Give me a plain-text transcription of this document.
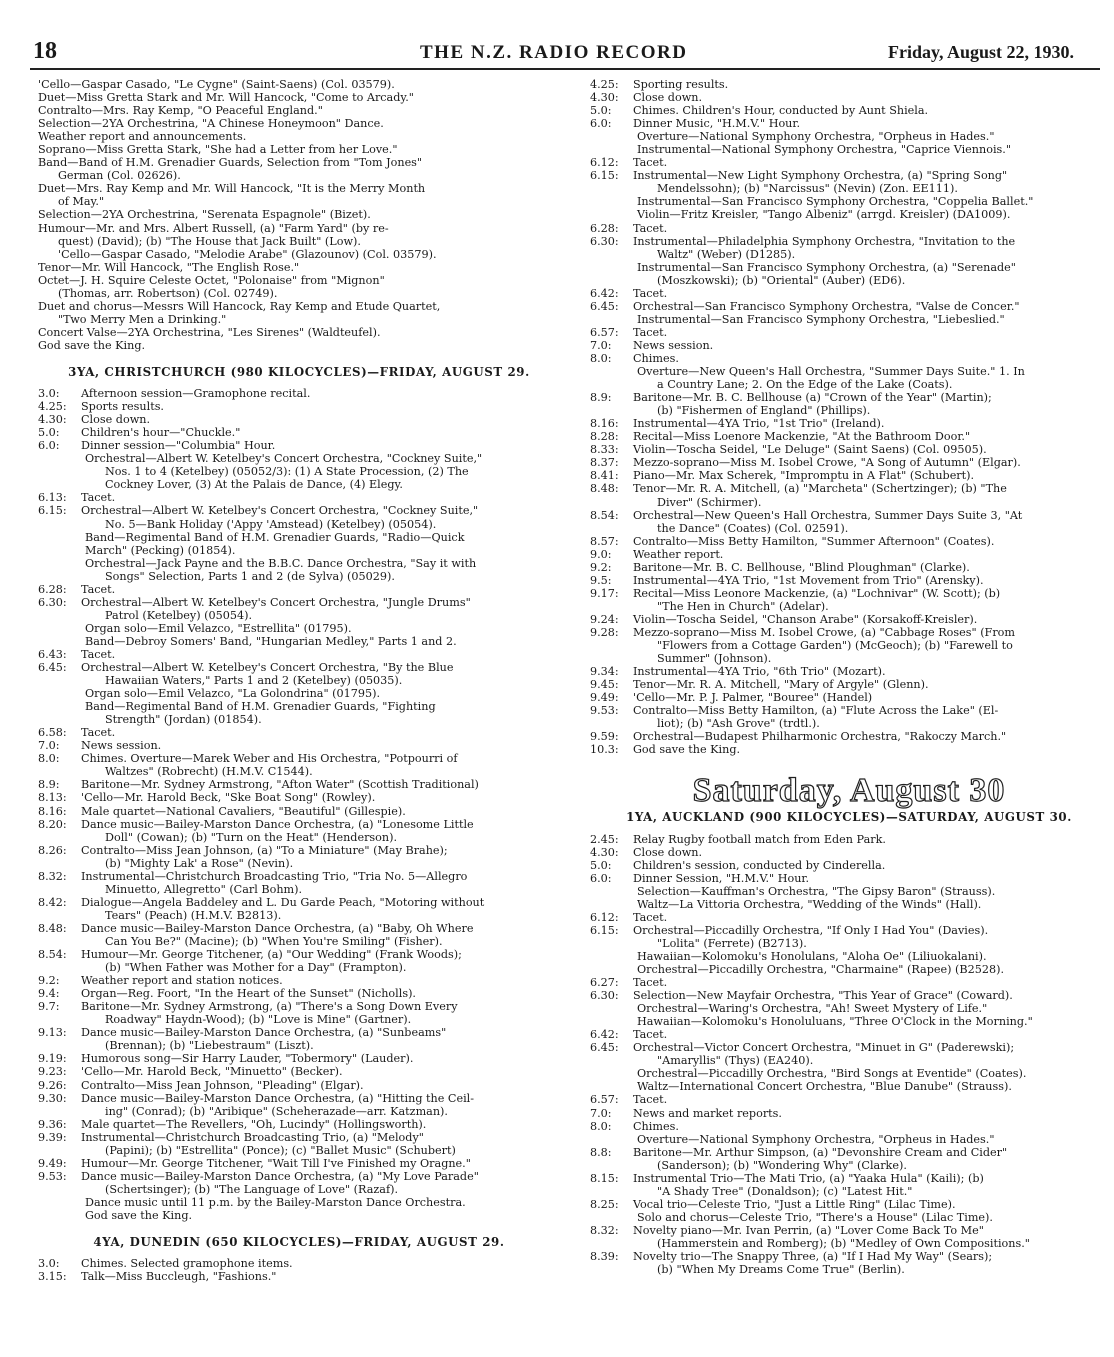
18	THE N.Z. RADIO RECORD	Friday, August 22, 1930.
'Cello—Gaspar Casado, "Le Cygne" (Saint-Saens) (Col. 03579).
Duet—Miss Gretta Stark and Mr. Will Hancock, "Come to Arcady."
Contralto—Mrs. Ray Kemp, "O Peaceful England."
Selection—2YA Orchestrina, "A Chinese Honeymoon" Dance.
Weather report and announcements.
Soprano—Miss Gretta Stark, "She had a Letter from her Love."
Band—Band of H.M. Grenadier Guards, Selection from "Tom Jones"
German (Col. 02626).
Duet—Mrs. Ray Kemp and Mr. Will Hancock, "It is the Merry Month
of May."
Selection—2YA Orchestrina, "Serenata Espagnole" (Bizet).
Humour—Mr. and Mrs. Albert Russell, (a) "Farm Yard" (by re-
quest) (David); (b) "The House that Jack Built" (Low).
'Cello—Gaspar Casado, "Melodie Arabe" (Glazounov) (Col. 03579).
Tenor—Mr. Will Hancock, "The English Rose."
Octet—J. H. Squire Celeste Octet, "Polonaise" from "Mignon"
(Thomas, arr. Robertson) (Col. 02749).
Duet and chorus—Messrs Will Hancock, Ray Kemp and Etude Quartet,
"Two Merry Men a Drinking."
Concert Valse—2YA Orchestrina, "Les Sirenes" (Waldteufel).
God save the King.
3YA, CHRISTCHURCH (980 KILOCYCLES)—FRIDAY, AUGUST 29.
3.0: Afternoon session—Gramophone recital.
4.25: Sports results.
4.30: Close down.
5.0: Children's hour—"Chuckle."
6.0: Dinner session—"Columbia" Hour.
Orchestral—Albert W. Ketelbey's Concert Orchestra, "Cockney Suite,"
Nos. 1 to 4 (Ketelbey) (05052/3): (1) A State Procession, (2) The
Cockney Lover, (3) At the Palais de Dance, (4) Elegy.
6.13: Tacet.
6.15: Orchestral—Albert W. Ketelbey's Concert Orchestra, "Cockney Suite,"
No. 5—Bank Holiday ('Appy 'Amstead) (Ketelbey) (05054).
Band—Regimental Band of H.M. Grenadier Guards, "Radio—Quick
March" (Pecking) (01854).
Orchestral—Jack Payne and the B.B.C. Dance Orchestra, "Say it with
Songs" Selection, Parts 1 and 2 (de Sylva) (05029).
6.28: Tacet.
6.30: Orchestral—Albert W. Ketelbey's Concert Orchestra, "Jungle Drums"
Patrol (Ketelbey) (05054).
Organ solo—Emil Velazco, "Estrellita" (01795).
Band—Debroy Somers' Band, "Hungarian Medley," Parts 1 and 2.
6.43: Tacet.
6.45: Orchestral—Albert W. Ketelbey's Concert Orchestra, "By the Blue
Hawaiian Waters," Parts 1 and 2 (Ketelbey) (05035).
Organ solo—Emil Velazco, "La Golondrina" (01795).
Band—Regimental Band of H.M. Grenadier Guards, "Fighting
Strength" (Jordan) (01854).
6.58: Tacet.
7.0: News session.
8.0: Chimes. Overture—Marek Weber and His Orchestra, "Potpourri of
Waltzes" (Robrecht) (H.M.V. C1544).
8.9: Baritone—Mr. Sydney Armstrong, "Afton Water" (Scottish Traditional)
8.13: 'Cello—Mr. Harold Beck, "Ske Boat Song" (Rowley).
8.16: Male quartet—National Cavaliers, "Beautiful" (Gillespie).
8.20: Dance music—Bailey-Marston Dance Orchestra, (a) "Lonesome Little
Doll" (Cowan); (b) "Turn on the Heat" (Henderson).
8.26: Contralto—Miss Jean Johnson, (a) "To a Miniature" (May Brahe);
(b) "Mighty Lak' a Rose" (Nevin).
8.32: Instrumental—Christchurch Broadcasting Trio, "Tria No. 5—Allegro
Minuetto, Allegretto" (Carl Bohm).
8.42: Dialogue—Angela Baddeley and L. Du Garde Peach, "Motoring without
Tears" (Peach) (H.M.V. B2813).
8.48: Dance music—Bailey-Marston Dance Orchestra, (a) "Baby, Oh Where
Can You Be?" (Macine); (b) "When You're Smiling" (Fisher).
8.54: Humour—Mr. George Titchener, (a) "Our Wedding" (Frank Woods);
(b) "When Father was Mother for a Day" (Frampton).
9.2: Weather report and station notices.
9.4: Organ—Reg. Foort, "In the Heart of the Sunset" (Nicholls).
9.7: Baritone—Mr. Sydney Armstrong, (a) "There's a Song Down Every
Roadway" Haydn-Wood); (b) "Love is Mine" (Gartner).
9.13: Dance music—Bailey-Marston Dance Orchestra, (a) "Sunbeams"
(Brennan); (b) "Liebestraum" (Liszt).
9.19: Humorous song—Sir Harry Lauder, "Tobermory" (Lauder).
9.23: 'Cello—Mr. Harold Beck, "Minuetto" (Becker).
9.26: Contralto—Miss Jean Johnson, "Pleading" (Elgar).
9.30: Dance music—Bailey-Marston Dance Orchestra, (a) "Hitting the Ceil-
ing" (Conrad); (b) "Aribique" (Scheherazade—arr. Katzman).
9.36: Male quartet—The Revellers, "Oh, Lucindy" (Hollingsworth).
9.39: Instrumental—Christchurch Broadcasting Trio, (a) "Melody"
(Papini); (b) "Estrellita" (Ponce); (c) "Ballet Music" (Schubert)
9.49: Humour—Mr. George Titchener, "Wait Till I've Finished my Oragne."
9.53: Dance music—Bailey-Marston Dance Orchestra, (a) "My Love Parade"
(Schertsinger); (b) "The Language of Love" (Razaf).
Dance music until 11 p.m. by the Bailey-Marston Dance Orchestra.
God save the King.
4YA, DUNEDIN (650 KILOCYCLES)—FRIDAY, AUGUST 29.
3.0: Chimes. Selected gramophone items.
3.15: Talk—Miss Buccleugh, "Fashions."
4.25: Sporting results.
4.30: Close down.
5.0: Chimes. Children's Hour, conducted by Aunt Shiela.
6.0: Dinner Music, "H.M.V." Hour.
Overture—National Symphony Orchestra, "Orpheus in Hades."
Instrumental—National Symphony Orchestra, "Caprice Viennois."
6.12: Tacet.
6.15: Instrumental—New Light Symphony Orchestra, (a) "Spring Song"
Mendelssohn); (b) "Narcissus" (Nevin) (Zon. EE111).
Instrumental—San Francisco Symphony Orchestra, "Coppelia Ballet."
Violin—Fritz Kreisler, "Tango Albeniz" (arrgd. Kreisler) (DA1009).
6.28: Tacet.
6.30: Instrumental—Philadelphia Symphony Orchestra, "Invitation to the
Waltz" (Weber) (D1285).
Instrumental—San Francisco Symphony Orchestra, (a) "Serenade"
(Moszkowski); (b) "Oriental" (Auber) (ED6).
6.42: Tacet.
6.45: Orchestral—San Francisco Symphony Orchestra, "Valse de Concer."
Instrumental—San Francisco Symphony Orchestra, "Liebeslied."
6.57: Tacet.
7.0: News session.
8.0: Chimes.
Overture—New Queen's Hall Orchestra, "Summer Days Suite." 1. In
a Country Lane; 2. On the Edge of the Lake (Coats).
8.9: Baritone—Mr. B. C. Bellhouse (a) "Crown of the Year" (Martin);
(b) "Fishermen of England" (Phillips).
8.16: Instrumental—4YA Trio, "1st Trio" (Ireland).
8.28: Recital—Miss Loenore Mackenzie, "At the Bathroom Door."
8.33: Violin—Toscha Seidel, "Le Deluge" (Saint Saens) (Col. 09505).
8.37: Mezzo-soprano—Miss M. Isobel Crowe, "A Song of Autumn" (Elgar).
8.41: Piano—Mr. Max Scherek, "Impromptu in A Flat" (Schubert).
8.48: Tenor—Mr. R. A. Mitchell, (a) "Marcheta" (Schertzinger); (b) "The
Diver" (Schirmer).
8.54: Orchestral—New Queen's Hall Orchestra, Summer Days Suite 3, "At
the Dance" (Coates) (Col. 02591).
8.57: Contralto—Miss Betty Hamilton, "Summer Afternoon" (Coates).
9.0: Weather report.
9.2: Baritone—Mr. B. C. Bellhouse, "Blind Ploughman" (Clarke).
9.5: Instrumental—4YA Trio, "1st Movement from Trio" (Arensky).
9.17: Recital—Miss Leonore Mackenzie, (a) "Lochnivar" (W. Scott); (b)
"The Hen in Church" (Adelar).
9.24: Violin—Toscha Seidel, "Chanson Arabe" (Korsakoff-Kreisler).
9.28: Mezzo-soprano—Miss M. Isobel Crowe, (a) "Cabbage Roses" (From
"Flowers from a Cottage Garden") (McGeoch); (b) "Farewell to
Summer" (Johnson).
9.34: Instrumental—4YA Trio, "6th Trio" (Mozart).
9.45: Tenor—Mr. R. A. Mitchell, "Mary of Argyle" (Glenn).
9.49: 'Cello—Mr. P. J. Palmer, "Bouree" (Handel)
9.53: Contralto—Miss Betty Hamilton, (a) "Flute Across the Lake" (El-
liot); (b) "Ash Grove" (trdtl.).
9.59: Orchestral—Budapest Philharmonic Orchestra, "Rakoczy March."
10.3: God save the King.
Saturday, August 30
1YA, AUCKLAND (900 KILOCYCLES)—SATURDAY, AUGUST 30.
2.45: Relay Rugby football match from Eden Park.
4.30: Close down.
5.0: Children's session, conducted by Cinderella.
6.0: Dinner Session, "H.M.V." Hour.
Selection—Kauffman's Orchestra, "The Gipsy Baron" (Strauss).
Waltz—La Vittoria Orchestra, "Wedding of the Winds" (Hall).
6.12: Tacet.
6.15: Orchestral—Piccadilly Orchestra, "If Only I Had You" (Davies).
"Lolita" (Ferrete) (B2713).
Hawaiian—Kolomoku's Honolulans, "Aloha Oe" (Liliuokalani).
Orchestral—Piccadilly Orchestra, "Charmaine" (Rapee) (B2528).
6.27: Tacet.
6.30: Selection—New Mayfair Orchestra, "This Year of Grace" (Coward).
Orchestral—Waring's Orchestra, "Ah! Sweet Mystery of Life."
Hawaiian—Kolomoku's Honoluluans, "Three O'Clock in the Morning."
6.42: Tacet.
6.45: Orchestral—Victor Concert Orchestra, "Minuet in G" (Paderewski);
"Amaryllis" (Thys) (EA240).
Orchestral—Piccadilly Orchestra, "Bird Songs at Eventide" (Coates).
Waltz—International Concert Orchestra, "Blue Danube" (Strauss).
6.57: Tacet.
7.0: News and market reports.
8.0: Chimes.
Overture—National Symphony Orchestra, "Orpheus in Hades."
8.8: Baritone—Mr. Arthur Simpson, (a) "Devonshire Cream and Cider"
(Sanderson); (b) "Wondering Why" (Clarke).
8.15: Instrumental Trio—The Mati Trio, (a) "Yaaka Hula" (Kaili); (b)
"A Shady Tree" (Donaldson); (c) "Latest Hit."
8.25: Vocal trio—Celeste Trio, "Just a Little Ring" (Lilac Time).
Solo and chorus—Celeste Trio, "There's a House" (Lilac Time).
8.32: Novelty piano—Mr. Ivan Perrin, (a) "Lover Come Back To Me"
(Hammerstein and Romberg); (b) "Medley of Own Compositions."
8.39: Novelty trio—The Snappy Three, (a) "If I Had My Way" (Sears);
(b) "When My Dreams Come True" (Berlin).
